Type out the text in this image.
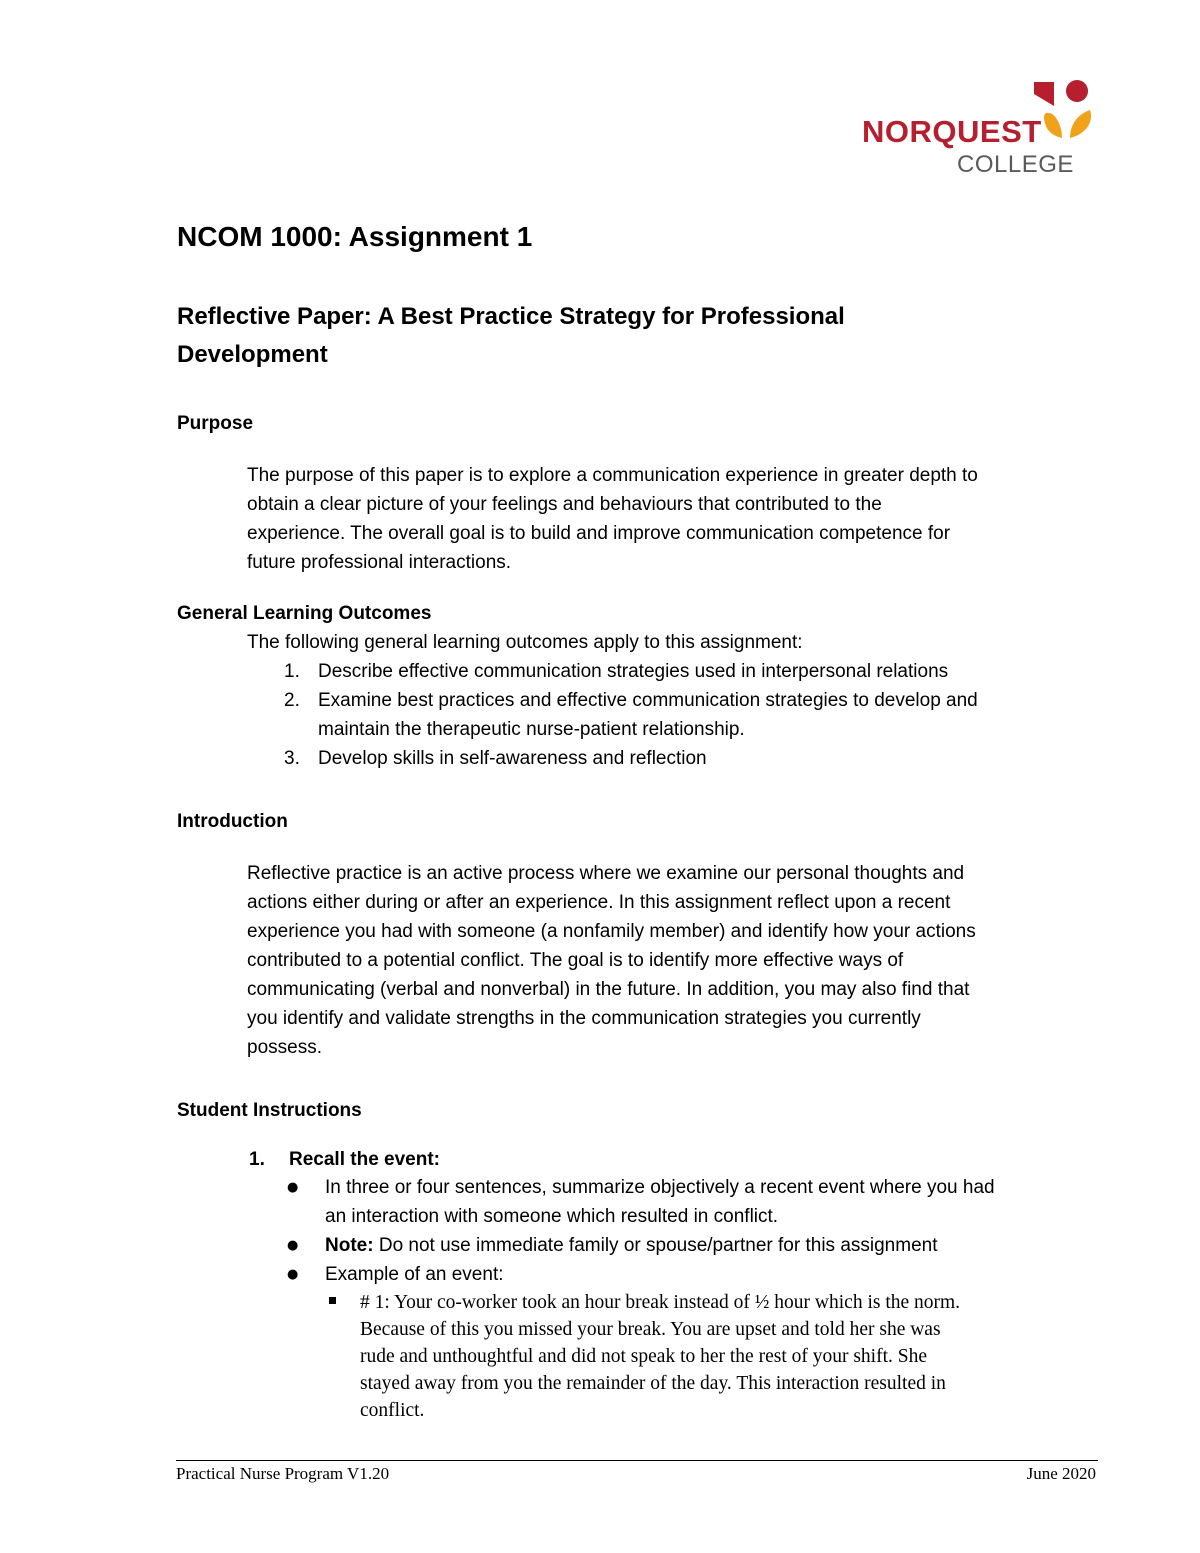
NORQUEST
COLLEGE
NCOM 1000: Assignment 1
Reflective Paper: A Best Practice Strategy for Professional
Development
Purpose
The purpose of this paper is to explore a communication experience in greater depth to
obtain a clear picture of your feelings and behaviours that contributed to the
experience. The overall goal is to build and improve communication competence for
future professional interactions.
General Learning Outcomes
The following general learning outcomes apply to this assignment:
1. Describe effective communication strategies used in interpersonal relations
2. Examine best practices and effective communication strategies to develop and
maintain the therapeutic nurse-patient relationship.
3. Develop skills in self-awareness and reflection
Introduction
Reflective practice is an active process where we examine our personal thoughts and
actions either during or after an experience. In this assignment reflect upon a recent
experience you had with someone (a nonfamily member) and identify how your actions
contributed to a potential conflict. The goal is to identify more effective ways of
communicating (verbal and nonverbal) in the future. In addition, you may also find that
you identify and validate strengths in the communication strategies you currently
possess.
Student Instructions
1. Recall the event:
● In three or four sentences, summarize objectively a recent event where you had
an interaction with someone which resulted in conflict.
● Note: Do not use immediate family or spouse/partner for this assignment
● Example of an event:
# 1: Your co-worker took an hour break instead of ½ hour which is the norm.
Because of this you missed your break. You are upset and told her she was
rude and unthoughtful and did not speak to her the rest of your shift. She
stayed away from you the remainder of the day. This interaction resulted in
conflict.
Practical Nurse Program V1.20	June 2020
